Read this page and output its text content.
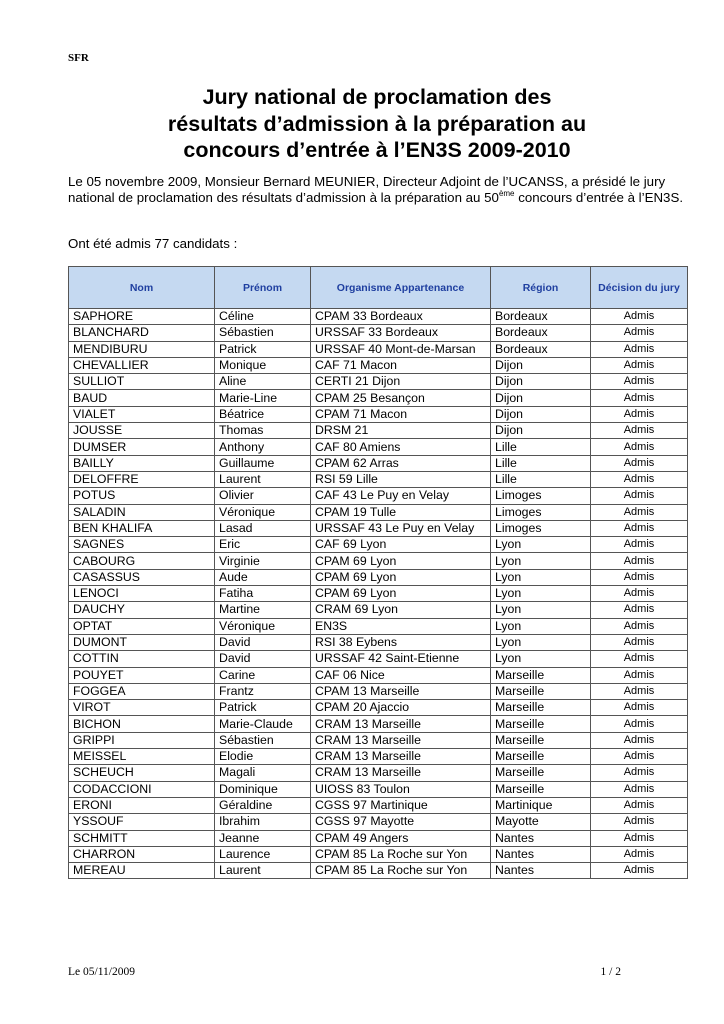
SFR
Jury national de proclamation des
résultats d’admission à la préparation au
concours d’entrée à l’EN3S 2009-2010
Le 05 novembre 2009, Monsieur Bernard MEUNIER, Directeur Adjoint de l’UCANSS, a présidé le jury national de proclamation des résultats d’admission à la préparation au 50ème concours d’entrée à l’EN3S.
Ont été admis 77 candidats :
Nom	Prénom	Organisme Appartenance	Région	Décision du jury
SAPHORE	Céline	CPAM 33 Bordeaux	Bordeaux	Admis
BLANCHARD	Sébastien	URSSAF 33 Bordeaux	Bordeaux	Admis
MENDIBURU	Patrick	URSSAF 40 Mont-de-Marsan	Bordeaux	Admis
CHEVALLIER	Monique	CAF 71 Macon	Dijon	Admis
SULLIOT	Aline	CERTI 21 Dijon	Dijon	Admis
BAUD	Marie-Line	CPAM 25 Besançon	Dijon	Admis
VIALET	Béatrice	CPAM 71 Macon	Dijon	Admis
JOUSSE	Thomas	DRSM 21	Dijon	Admis
DUMSER	Anthony	CAF 80 Amiens	Lille	Admis
BAILLY	Guillaume	CPAM 62 Arras	Lille	Admis
DELOFFRE	Laurent	RSI 59 Lille	Lille	Admis
POTUS	Olivier	CAF 43 Le Puy en Velay	Limoges	Admis
SALADIN	Véronique	CPAM 19 Tulle	Limoges	Admis
BEN KHALIFA	Lasad	URSSAF 43 Le Puy en Velay	Limoges	Admis
SAGNES	Eric	CAF 69 Lyon	Lyon	Admis
CABOURG	Virginie	CPAM 69 Lyon	Lyon	Admis
CASASSUS	Aude	CPAM 69 Lyon	Lyon	Admis
LENOCI	Fatiha	CPAM 69 Lyon	Lyon	Admis
DAUCHY	Martine	CRAM 69 Lyon	Lyon	Admis
OPTAT	Véronique	EN3S	Lyon	Admis
DUMONT	David	RSI 38 Eybens	Lyon	Admis
COTTIN	David	URSSAF 42 Saint-Etienne	Lyon	Admis
POUYET	Carine	CAF 06 Nice	Marseille	Admis
FOGGEA	Frantz	CPAM 13 Marseille	Marseille	Admis
VIROT	Patrick	CPAM 20 Ajaccio	Marseille	Admis
BICHON	Marie-Claude	CRAM 13 Marseille	Marseille	Admis
GRIPPI	Sébastien	CRAM 13 Marseille	Marseille	Admis
MEISSEL	Elodie	CRAM 13 Marseille	Marseille	Admis
SCHEUCH	Magali	CRAM 13 Marseille	Marseille	Admis
CODACCIONI	Dominique	UIOSS 83 Toulon	Marseille	Admis
ERONI	Géraldine	CGSS 97 Martinique	Martinique	Admis
YSSOUF	Ibrahim	CGSS 97 Mayotte	Mayotte	Admis
SCHMITT	Jeanne	CPAM 49 Angers	Nantes	Admis
CHARRON	Laurence	CPAM 85 La Roche sur Yon	Nantes	Admis
MEREAU	Laurent	CPAM 85 La Roche sur Yon	Nantes	Admis
Le 05/11/2009	1 / 2
